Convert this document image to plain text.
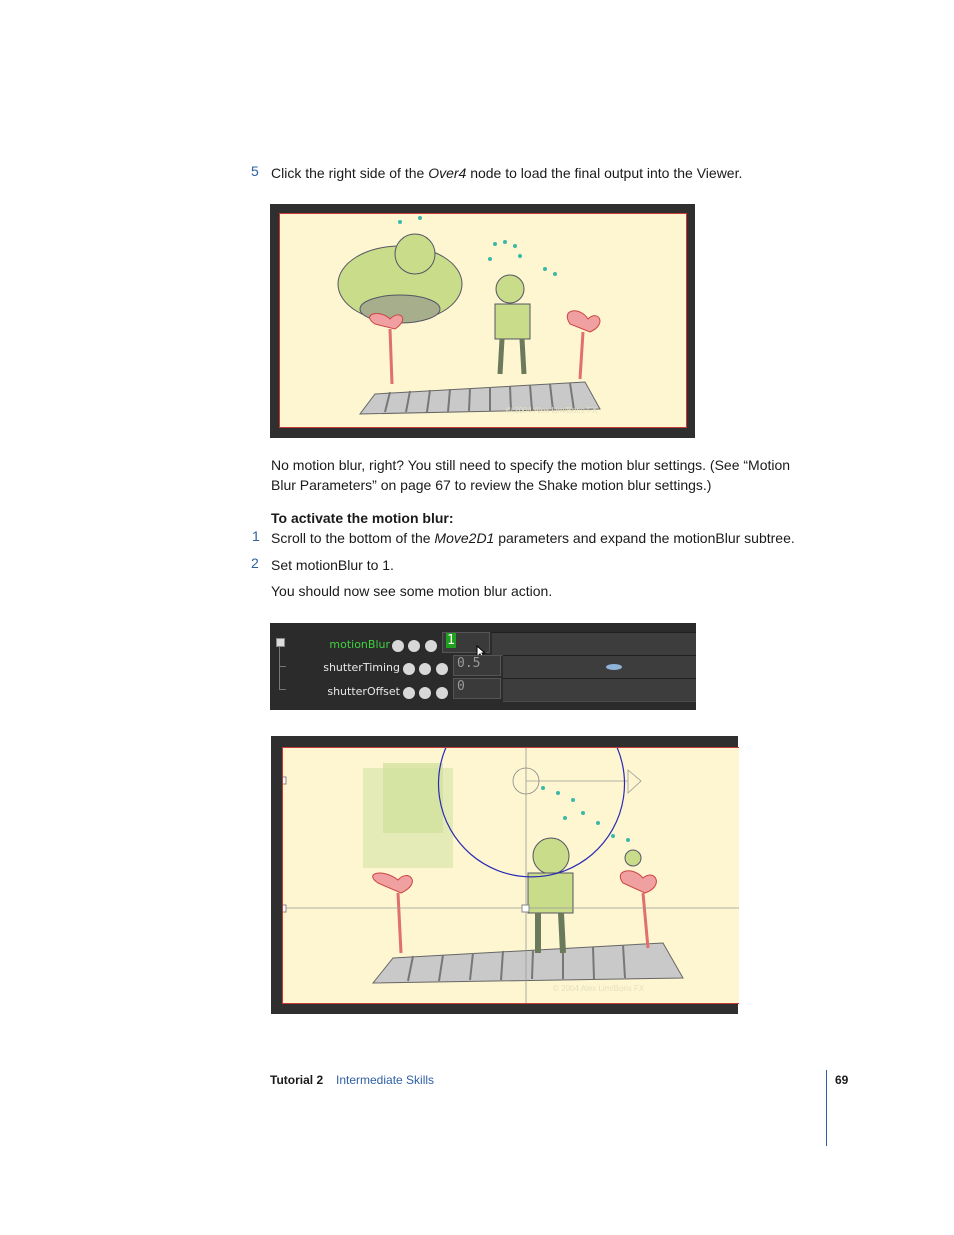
5 Click the right side of the Over4 node to load the final output into the Viewer.
© 2004 Alex Lim/Boris FX
No motion blur, right? You still need to specify the motion blur settings. (See “Motion
Blur Parameters” on page 67 to review the Shake motion blur settings.)
To activate the motion blur:
1 Scroll to the bottom of the Move2D1 parameters and expand the motionBlur subtree.
2 Set motionBlur to 1.
You should now see some motion blur action.
motionBlur
	1
shutterTiming
	0.5
shutterOffset
	0
© 2004 Alex Lim/Boris FX
Tutorial 2 Intermediate Skills	69
